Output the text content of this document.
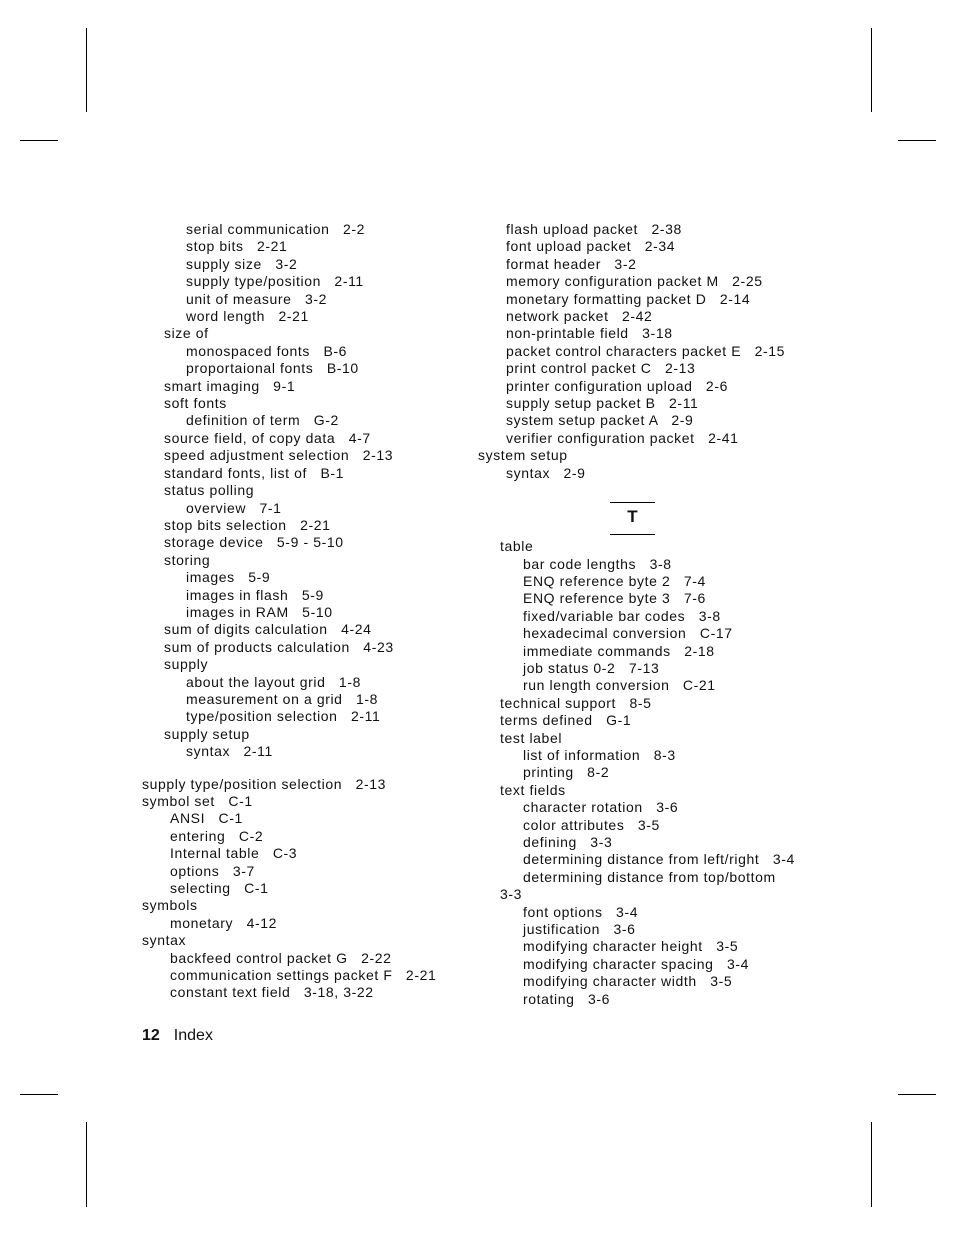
serial communication   2-2
stop bits   2-21
supply size   3-2
supply type/position   2-11
unit of measure   3-2
word length   2-21
size of
monospaced fonts   B-6
proportaional fonts   B-10
smart imaging   9-1
soft fonts
definition of term   G-2
source field, of copy data   4-7
speed adjustment selection   2-13
standard fonts, list of   B-1
status polling
overview   7-1
stop bits selection   2-21
storage device   5-9 - 5-10
storing
images   5-9
images in flash   5-9
images in RAM   5-10
sum of digits calculation   4-24
sum of products calculation   4-23
supply
about the layout grid   1-8
measurement on a grid   1-8
type/position selection   2-11
supply setup
syntax   2-11
supply type/position selection   2-13
symbol set   C-1
ANSI   C-1
entering   C-2
Internal table   C-3
options   3-7
selecting   C-1
symbols
monetary   4-12
syntax
backfeed control packet G   2-22
communication settings packet F   2-21
constant text field   3-18, 3-22
flash upload packet   2-38
font upload packet   2-34
format header   3-2
memory configuration packet M   2-25
monetary formatting packet D   2-14
network packet   2-42
non-printable field   3-18
packet control characters packet E   2-15
print control packet C   2-13
printer configuration upload   2-6
supply setup packet B   2-11
system setup packet A   2-9
verifier configuration packet   2-41
system setup
syntax   2-9
T
table
bar code lengths   3-8
ENQ reference byte 2   7-4
ENQ reference byte 3   7-6
fixed/variable bar codes   3-8
hexadecimal conversion   C-17
immediate commands   2-18
job status 0-2   7-13
run length conversion   C-21
technical support   8-5
terms defined   G-1
test label
list of information   8-3
printing   8-2
text fields
character rotation   3-6
color attributes   3-5
defining   3-3
determining distance from left/right   3-4
determining distance from top/bottom
3-3
font options   3-4
justification   3-6
modifying character height   3-5
modifying character spacing   3-4
modifying character width   3-5
rotating   3-6
12 Index
